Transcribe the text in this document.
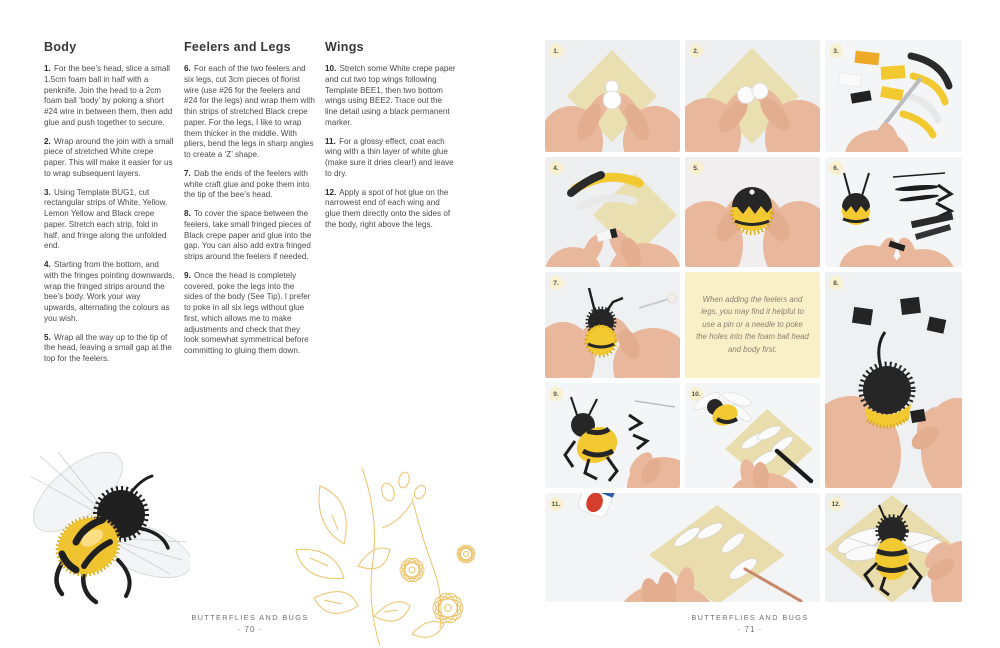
Body

1. For the bee’s head, slice a small 1.5cm foam ball in half with a penknife. Join the head to a 2cm foam ball ‘body’ by poking a short #24 wire in between them, then add glue and push together to secure.

2. Wrap around the join with a small piece of stretched White crepe paper. This will make it easier for us to wrap subsequent layers.

3. Using Template BUG1, cut rectangular strips of White, Yellow, Lemon Yellow and Black crepe paper. Stretch each strip, fold in half, and fringe along the unfolded end.

4. Starting from the bottom, and with the fringes pointing downwards, wrap the fringed strips around the bee’s body. Work your way upwards, alternating the colours as you wish.

5. Wrap all the way up to the tip of the head, leaving a small gap at the top for the feelers.

Feelers and Legs

6. For each of the two feelers and six legs, cut 3cm pieces of florist wire (use #26 for the feelers and #24 for the legs) and wrap them with thin strips of stretched Black crepe paper. For the legs, I like to wrap them thicker in the middle. With pliers, bend the legs in sharp angles to create a ‘Z’ shape.

7. Dab the ends of the feelers with white craft glue and poke them into the tip of the bee’s head.

8. To cover the space between the feelers, take small fringed pieces of Black crepe paper and glue into the gap. You can also add extra fringed strips around the feelers if needed.

9. Once the head is completely covered, poke the legs into the sides of the body (See Tip). I prefer to poke in all six legs without glue first, which allows me to make adjustments and check that they look somewhat symmetrical before committing to gluing them down.

Wings

10. Stretch some White crepe paper and cut two top wings following Template BEE1, then two bottom wings using BEE2. Trace out the line detail using a black permanent marker.

11. For a glossy effect, coat each wing with a thin layer of white glue (make sure it dries clear!) and leave to dry.

12. Apply a spot of hot glue on the narrowest end of each wing and glue them directly onto the sides of the body, right above the legs.

BUTTERFLIES AND BUGS
· 70 ·
1.	2.	3.
4.	5.	6.
7.
When adding the feelers and legs, you may find it helpful to use a pin or a needle to poke the holes into the foam ball head and body first.
8.
9.	10.
11.	12.
BUTTERFLIES AND BUGS
· 71 ·
